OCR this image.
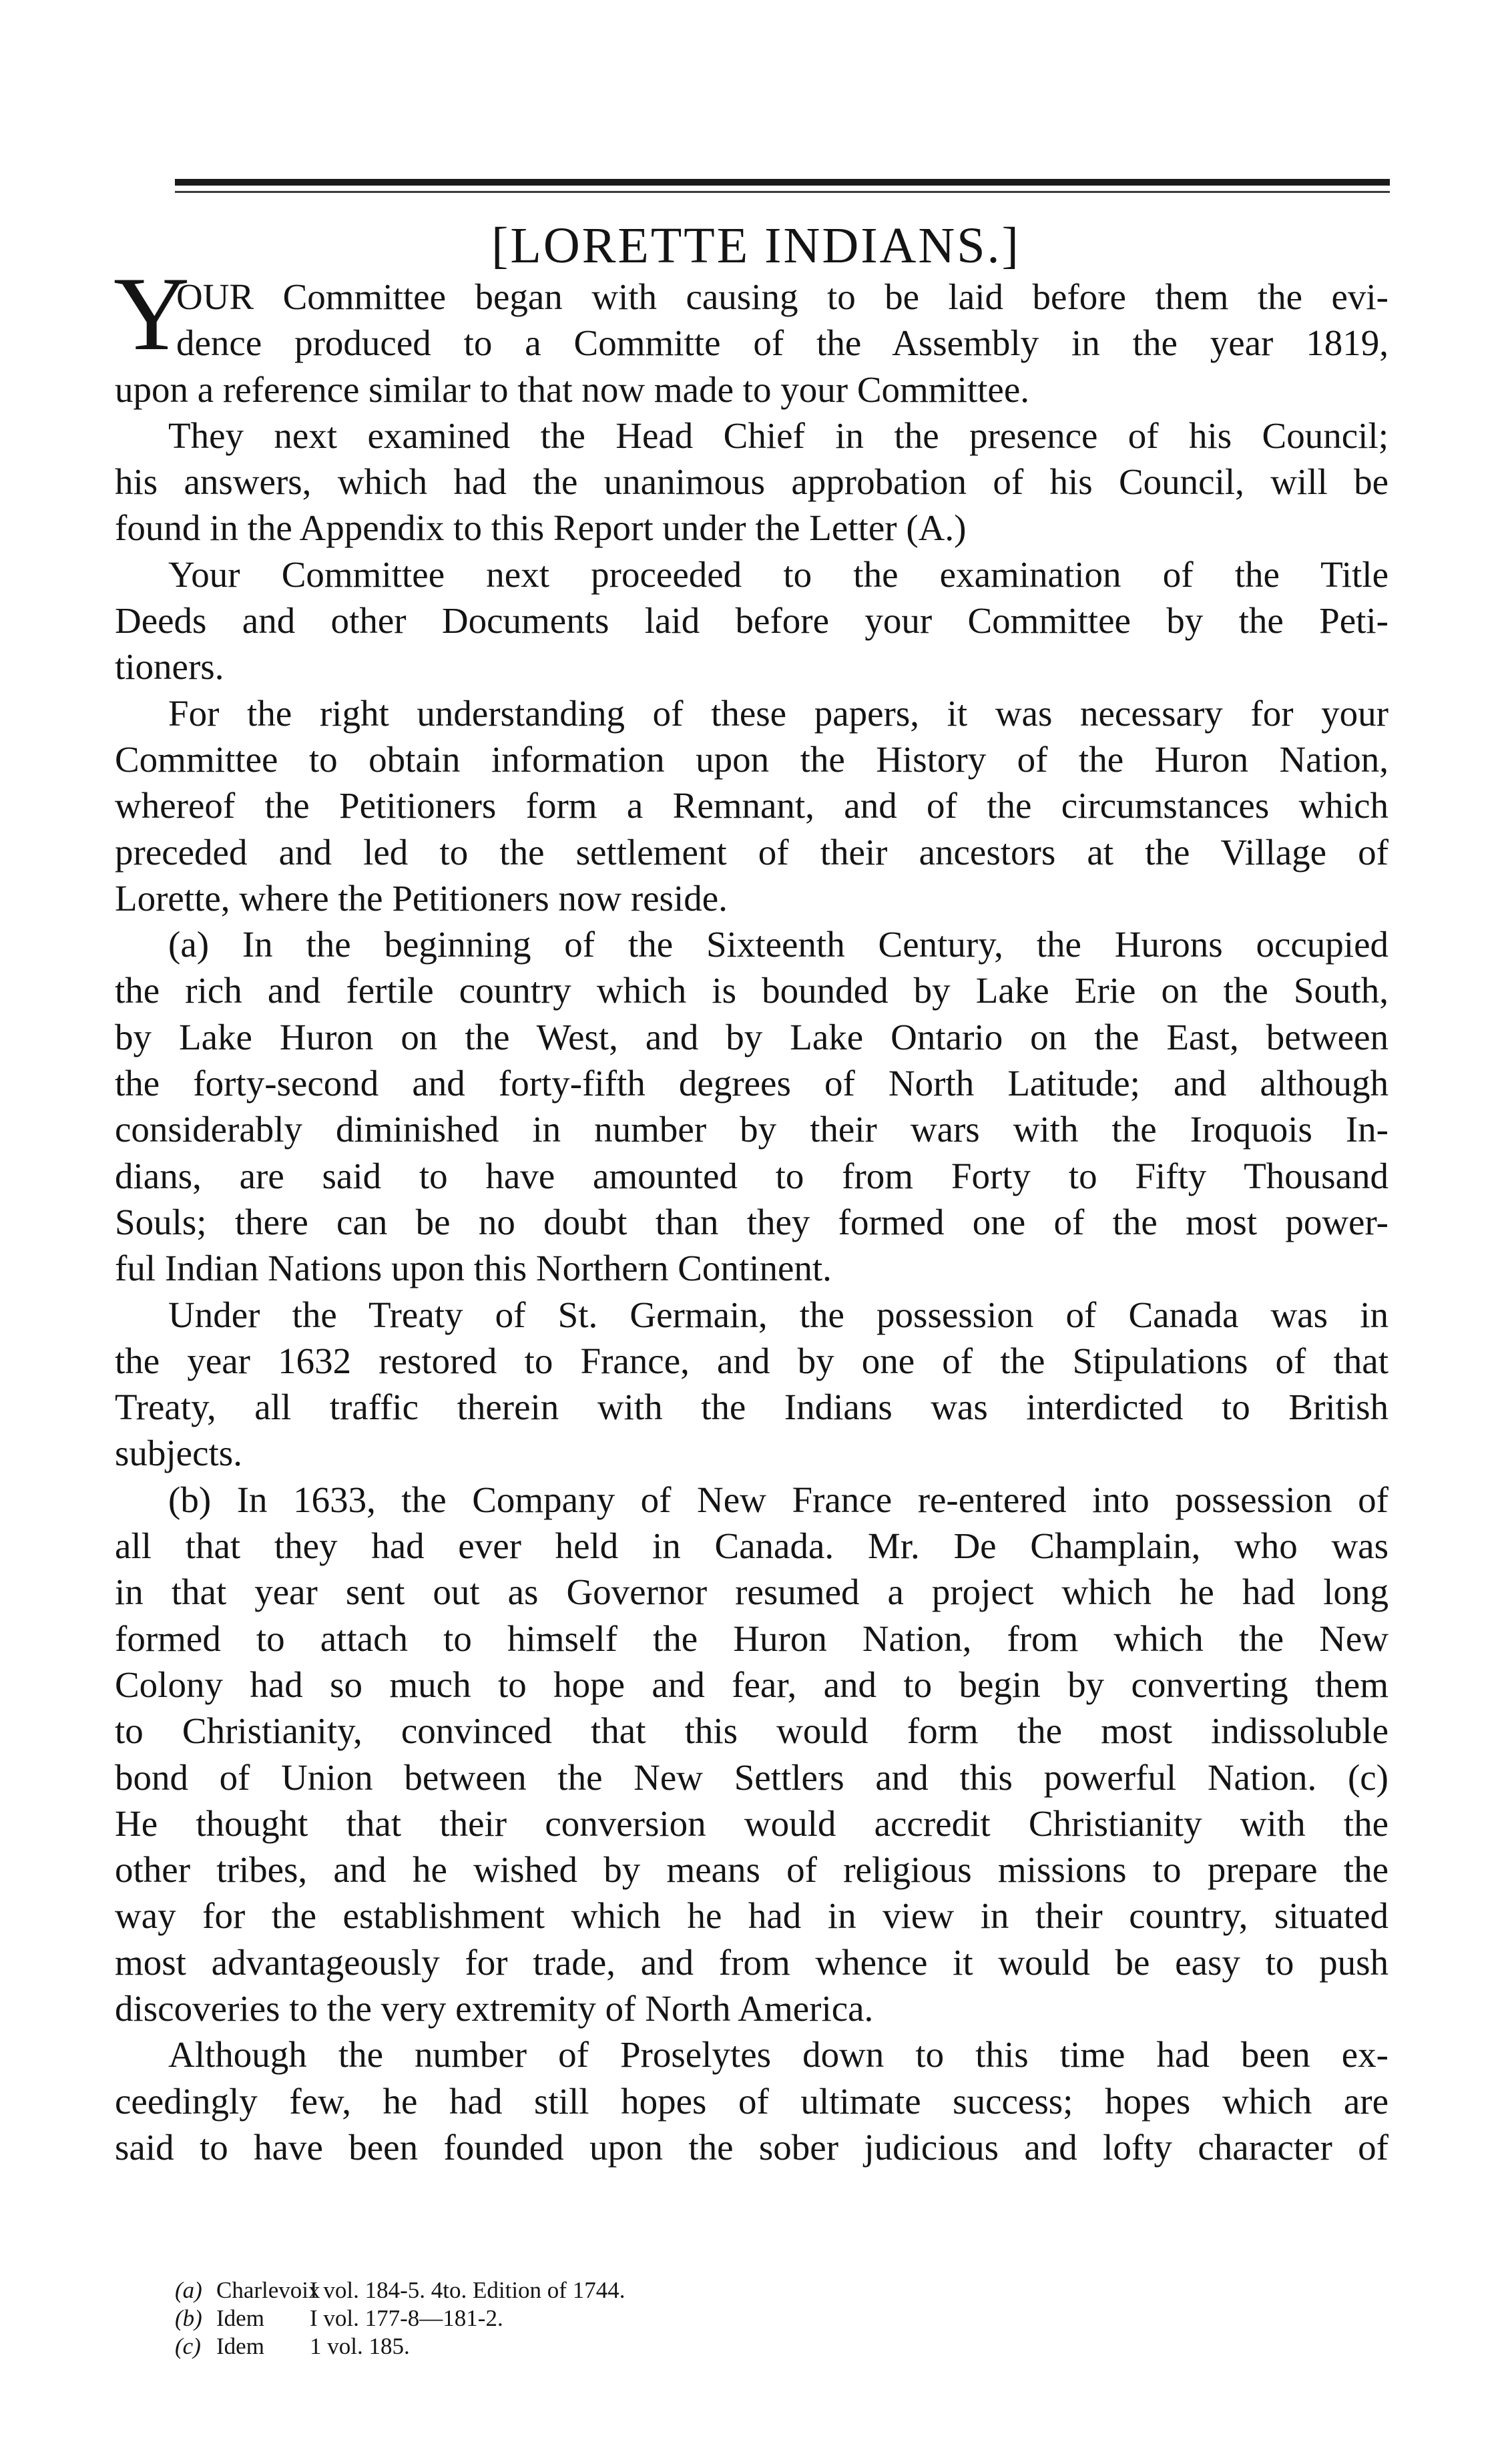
[LORETTE INDIANS.]
Y
OUR Committee began with causing to be laid before them the evi-
dence produced to a Committe of the Assembly in the year 1819,
upon a reference similar to that now made to your Committee.
They next examined the Head Chief in the presence of his Council;
his answers, which had the unanimous approbation of his Council, will be
found in the Appendix to this Report under the Letter (A.)
Your Committee next proceeded to the examination of the Title
Deeds and other Documents laid before your Committee by the Peti-
tioners.
For the right understanding of these papers, it was necessary for your
Committee to obtain information upon the History of the Huron Nation,
whereof the Petitioners form a Remnant, and of the circumstances which
preceded and led to the settlement of their ancestors at the Village of
Lorette, where the Petitioners now reside.
(a) In the beginning of the Sixteenth Century, the Hurons occupied
the rich and fertile country which is bounded by Lake Erie on the South,
by Lake Huron on the West, and by Lake Ontario on the East, between
the forty-second and forty-fifth degrees of North Latitude; and although
considerably diminished in number by their wars with the Iroquois In-
dians, are said to have amounted to from Forty to Fifty Thousand
Souls; there can be no doubt than they formed one of the most power-
ful Indian Nations upon this Northern Continent.
Under the Treaty of St. Germain, the possession of Canada was in
the year 1632 restored to France, and by one of the Stipulations of that
Treaty, all traffic therein with the Indians was interdicted to British
subjects.
(b) In 1633, the Company of New France re-entered into possession of
all that they had ever held in Canada. Mr. De Champlain, who was
in that year sent out as Governor resumed a project which he had long
formed to attach to himself the Huron Nation, from which the New
Colony had so much to hope and fear, and to begin by converting them
to Christianity, convinced that this would form the most indissoluble
bond of Union between the New Settlers and this powerful Nation. (c)
He thought that their conversion would accredit Christianity with the
other tribes, and he wished by means of religious missions to prepare the
way for the establishment which he had in view in their country, situated
most advantageously for trade, and from whence it would be easy to push
discoveries to the very extremity of North America.
Although the number of Proselytes down to this time had been ex-
ceedingly few, he had still hopes of ultimate success; hopes which are
said to have been founded upon the sober judicious and lofty character of
(a) CharlevoixI vol. 184-5. 4to. Edition of 1744.
(b) Idem I vol. 177-8—181-2.
(c) Idem 1 vol. 185.
